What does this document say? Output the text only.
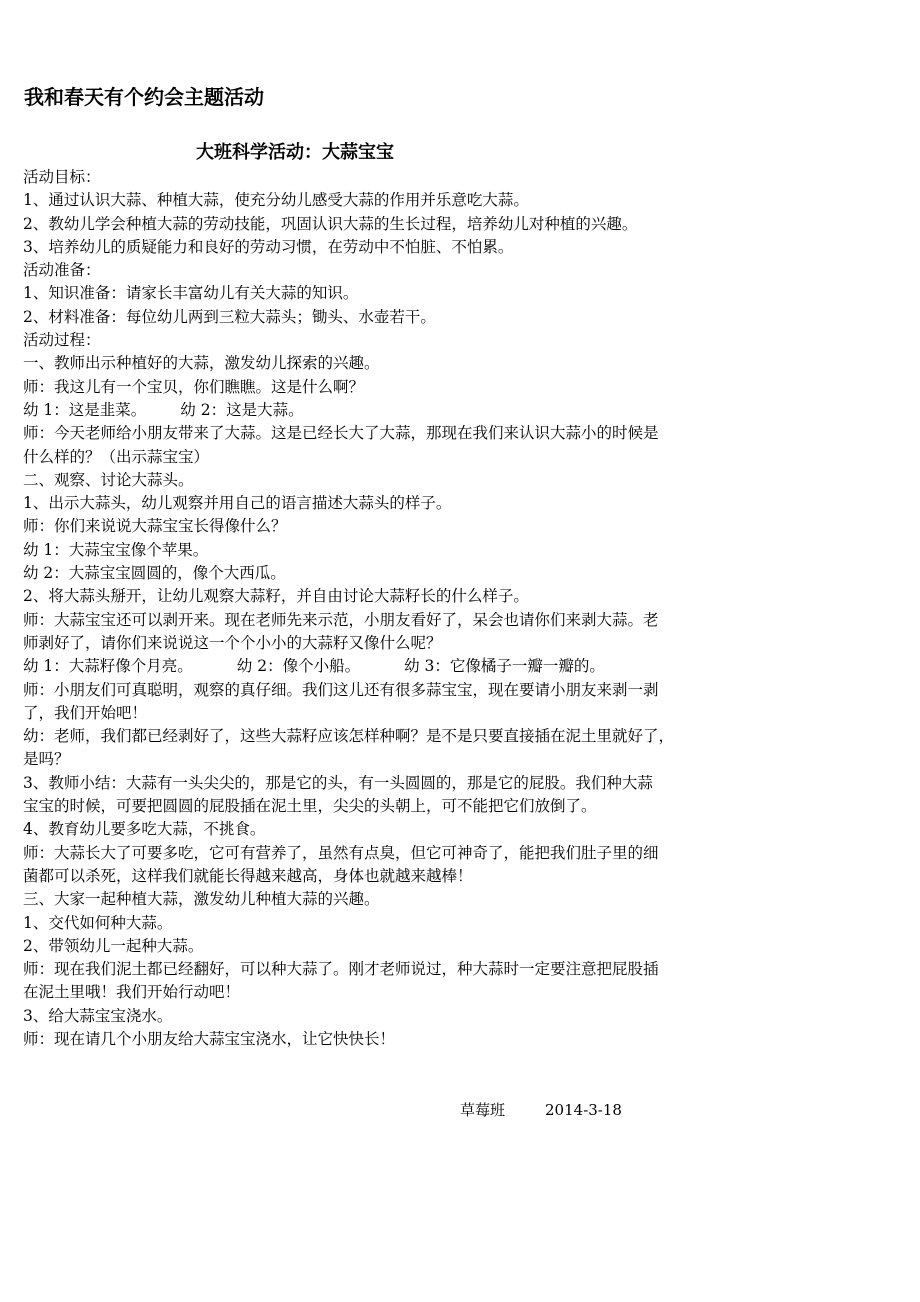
我和春天有个约会主题活动
大班科学活动：大蒜宝宝
活动目标：
1、通过认识大蒜、种植大蒜，使充分幼儿感受大蒜的作用并乐意吃大蒜。
2、教幼儿学会种植大蒜的劳动技能，巩固认识大蒜的生长过程，培养幼儿对种植的兴趣。
3、培养幼儿的质疑能力和良好的劳动习惯，在劳动中不怕脏、不怕累。
活动准备：
1、知识准备：请家长丰富幼儿有关大蒜的知识。
2、材料准备：每位幼儿两到三粒大蒜头；锄头、水壶若干。
活动过程：
一、教师出示种植好的大蒜，激发幼儿探索的兴趣。
师：我这儿有一个宝贝，你们瞧瞧。这是什么啊？
幼 1：这是韭菜。 幼 2：这是大蒜。
师：今天老师给小朋友带来了大蒜。这是已经长大了大蒜，那现在我们来认识大蒜小的时候是
什么样的？（出示蒜宝宝）
二、观察、讨论大蒜头。
1、出示大蒜头，幼儿观察并用自己的语言描述大蒜头的样子。
师：你们来说说大蒜宝宝长得像什么？
幼 1：大蒜宝宝像个苹果。
幼 2：大蒜宝宝圆圆的，像个大西瓜。
2、将大蒜头掰开，让幼儿观察大蒜籽，并自由讨论大蒜籽长的什么样子。
师：大蒜宝宝还可以剥开来。现在老师先来示范，小朋友看好了，呆会也请你们来剥大蒜。老
师剥好了，请你们来说说这一个个小小的大蒜籽又像什么呢？
幼 1：大蒜籽像个月亮。	幼 2：像个小船。	幼 3：它像橘子一瓣一瓣的。
师：小朋友们可真聪明，观察的真仔细。我们这儿还有很多蒜宝宝，现在要请小朋友来剥一剥
了，我们开始吧！
幼：老师，我们都已经剥好了，这些大蒜籽应该怎样种啊？是不是只要直接插在泥土里就好了，
是吗？
3、教师小结：大蒜有一头尖尖的，那是它的头，有一头圆圆的，那是它的屁股。我们种大蒜
宝宝的时候，可要把圆圆的屁股插在泥土里，尖尖的头朝上，可不能把它们放倒了。
4、教育幼儿要多吃大蒜，不挑食。
师：大蒜长大了可要多吃，它可有营养了，虽然有点臭，但它可神奇了，能把我们肚子里的细
菌都可以杀死，这样我们就能长得越来越高，身体也就越来越棒！
三、大家一起种植大蒜，激发幼儿种植大蒜的兴趣。
1、交代如何种大蒜。
2、带领幼儿一起种大蒜。
师：现在我们泥土都已经翻好，可以种大蒜了。刚才老师说过，种大蒜时一定要注意把屁股插
在泥土里哦！我们开始行动吧！
3、给大蒜宝宝浇水。
师：现在请几个小朋友给大蒜宝宝浇水，让它快快长！
草莓班	2014-3-18
